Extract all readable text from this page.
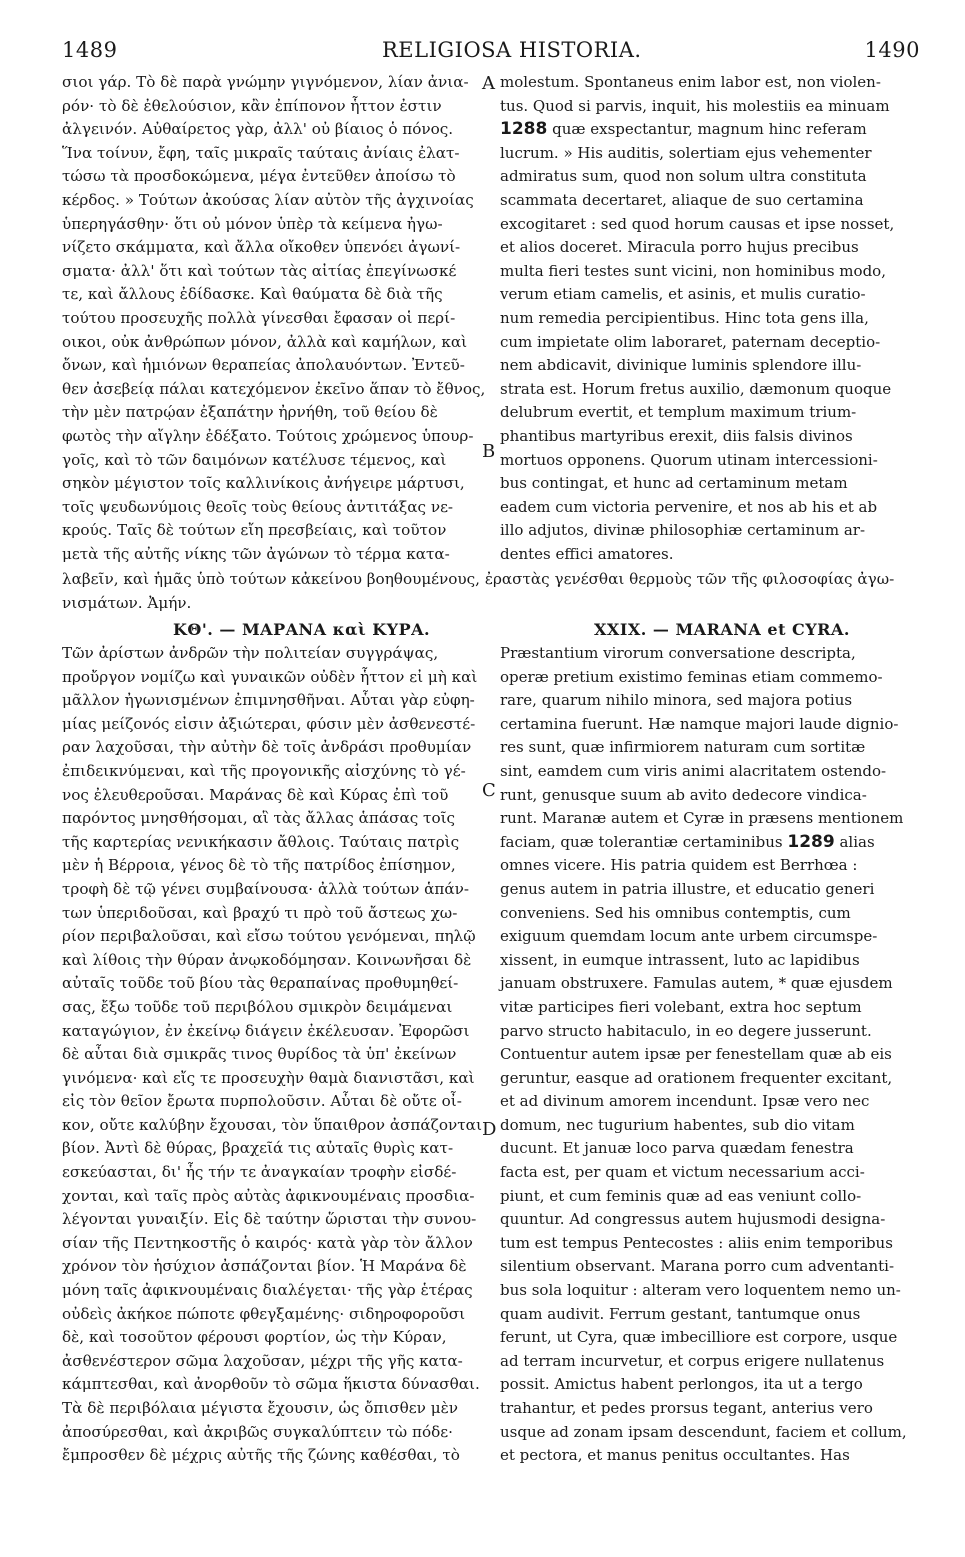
1489	RELIGIOSA HISTORIA.	1490
σιοι γάρ. Τὸ δὲ παρὰ γνώμην γιγνόμενον, λίαν ἀνια-
ρόν· τὸ δὲ ἐθελούσιον, κἂν ἐπίπονον ἧττον ἐστιν
ἀλγεινόν. Αὐθαίρετος γὰρ, ἀλλ' οὐ βίαιος ὁ πόνος.
Ἵνα τοίνυν, ἔφη, ταῖς μικραῖς ταύταις ἀνίαις ἐλατ-
τώσω τὰ προσδοκώμενα, μέγα ἐντεῦθεν ἀποίσω τὸ
κέρδος. » Τούτων ἀκούσας λίαν αὐτὸν τῆς ἀγχινοίας
ὑπερηγάσθην· ὅτι οὐ μόνον ὑπὲρ τὰ κείμενα ἠγω-
νίζετο σκάμματα, καὶ ἄλλα οἴκοθεν ὑπενόει ἀγωνί-
σματα· ἀλλ' ὅτι καὶ τούτων τὰς αἰτίας ἐπεγίνωσκέ
τε, καὶ ἄλλους ἐδίδασκε. Καὶ θαύματα δὲ διὰ τῆς
τούτου προσευχῆς πολλὰ γίνεσθαι ἔφασαν οἱ περί-
οικοι, οὐκ ἀνθρώπων μόνον, ἀλλὰ καὶ καμήλων, καὶ
ὄνων, καὶ ἡμιόνων θεραπείας ἀπολαυόντων. Ἐντεῦ-
θεν ἀσεβείᾳ πάλαι κατεχόμενον ἐκεῖνο ἅπαν τὸ ἔθνος,
τὴν μὲν πατρῴαν ἐξαπάτην ἠρνήθη, τοῦ θείου δὲ
φωτὸς τὴν αἴγλην ἐδέξατο. Τούτοις χρώμενος ὑπουρ-
γοῖς, καὶ τὸ τῶν δαιμόνων κατέλυσε τέμενος, καὶ
σηκὸν μέγιστον τοῖς καλλινίκοις ἀνήγειρε μάρτυσι,
τοῖς ψευδωνύμοις θεοῖς τοὺς θείους ἀντιτάξας νε-
κρούς. Ταῖς δὲ τούτων εἴη πρεσβείαις, καὶ τοῦτον
μετὰ τῆς αὐτῆς νίκης τῶν ἀγώνων τὸ τέρμα κατα-
molestum. Spontaneus enim labor est, non violen-
tus. Quod si parvis, inquit, his molestiis ea minuam
1288 quæ exspectantur, magnum hinc referam
lucrum. » His auditis, solertiam ejus vehementer
admiratus sum, quod non solum ultra constituta
scammata decertaret, aliaque de suo certamina
excogitaret : sed quod horum causas et ipse nosset,
et alios doceret. Miracula porro hujus precibus
multa fieri testes sunt vicini, non hominibus modo,
verum etiam camelis, et asinis, et mulis curatio-
num remedia percipientibus. Hinc tota gens illa,
cum impietate olim laboraret, paternam deceptio-
nem abdicavit, divinique luminis splendore illu-
strata est. Horum fretus auxilio, dæmonum quoque
delubrum evertit, et templum maximum trium-
phantibus martyribus erexit, diis falsis divinos
mortuos opponens. Quorum utinam intercessioni-
bus contingat, et hunc ad certaminum metam
eadem cum victoria pervenire, et nos ab his et ab
illo adjutos, divinæ philosophiæ certaminum ar-
dentes effici amatores.
λαβεῖν, καὶ ἡμᾶς ὑπὸ τούτων κἀκείνου βοηθουμένους, ἐραστὰς γενέσθαι θερμοὺς τῶν τῆς φιλοσοφίας ἀγω-
νισμάτων. Ἀμήν.
ΚΘ'. — ΜΑΡΑΝΑ καὶ ΚΥΡΑ.	XXIX. — MARANA et CYRA.
Τῶν ἀρίστων ἀνδρῶν τὴν πολιτείαν συγγράψας,
προὔργον νομίζω καὶ γυναικῶν οὐδὲν ἧττον εἰ μὴ καὶ
μᾶλλον ἠγωνισμένων ἐπιμνησθῆναι. Αὗται γὰρ εὐφη-
μίας μείζονός εἰσιν ἀξιώτεραι, φύσιν μὲν ἀσθενεστέ-
ραν λαχοῦσαι, τὴν αὐτὴν δὲ τοῖς ἀνδράσι προθυμίαν
ἐπιδεικνύμεναι, καὶ τῆς προγονικῆς αἰσχύνης τὸ γέ-
νος ἐλευθεροῦσαι. Μαράνας δὲ καὶ Κύρας ἐπὶ τοῦ
παρόντος μνησθήσομαι, αἳ τὰς ἄλλας ἁπάσας τοῖς
τῆς καρτερίας νενικήκασιν ἄθλοις. Ταύταις πατρὶς
μὲν ἡ Βέρροια, γένος δὲ τὸ τῆς πατρίδος ἐπίσημον,
τροφὴ δὲ τῷ γένει συμβαίνουσα· ἀλλὰ τούτων ἁπάν-
των ὑπεριδοῦσαι, καὶ βραχύ τι πρὸ τοῦ ἄστεως χω-
ρίον περιβαλοῦσαι, καὶ εἴσω τούτου γενόμεναι, πηλῷ
καὶ λίθοις τὴν θύραν ἀνῳκοδόμησαν. Κοινωνῆσαι δὲ
αὐταῖς τοῦδε τοῦ βίου τὰς θεραπαίνας προθυμηθεί-
σας, ἔξω τοῦδε τοῦ περιβόλου σμικρὸν δειμάμεναι
καταγώγιον, ἐν ἐκείνῳ διάγειν ἐκέλευσαν. Ἐφορῶσι
δὲ αὗται διὰ σμικρᾶς τινος θυρίδος τὰ ὑπ' ἐκείνων
γινόμενα· καὶ εἴς τε προσευχὴν θαμὰ διανιστᾶσι, καὶ
εἰς τὸν θεῖον ἔρωτα πυρπολοῦσιν. Αὗται δὲ οὔτε οἶ-
κον, οὔτε καλύβην ἔχουσαι, τὸν ὕπαιθρον ἀσπάζονται
βίον. Ἀντὶ δὲ θύρας, βραχεῖά τις αὐταῖς θυρὶς κατ-
εσκεύασται, δι' ἧς τήν τε ἀναγκαίαν τροφὴν εἰσδέ-
χονται, καὶ ταῖς πρὸς αὐτὰς ἀφικνουμέναις προσδια-
λέγονται γυναιξίν. Εἰς δὲ ταύτην ὥρισται τὴν συνου-
σίαν τῆς Πεντηκοστῆς ὁ καιρός· κατὰ γὰρ τὸν ἄλλον
χρόνον τὸν ἡσύχιον ἀσπάζονται βίον. Ἡ Μαράνα δὲ
μόνη ταῖς ἀφικνουμέναις διαλέγεται· τῆς γὰρ ἑτέρας
οὐδεὶς ἀκήκοε πώποτε φθεγξαμένης· σιδηροφοροῦσι
δὲ, καὶ τοσοῦτον φέρουσι φορτίον, ὡς τὴν Κύραν,
ἀσθενέστερον σῶμα λαχοῦσαν, μέχρι τῆς γῆς κατα-
κάμπτεσθαι, καὶ ἀνορθοῦν τὸ σῶμα ἥκιστα δύνασθαι.
Τὰ δὲ περιβόλαια μέγιστα ἔχουσιν, ὡς ὄπισθεν μὲν
ἀποσύρεσθαι, καὶ ἀκριβῶς συγκαλύπτειν τὼ πόδε·
ἔμπροσθεν δὲ μέχρις αὐτῆς τῆς ζώνης καθέσθαι, τὸ
Præstantium virorum conversatione descripta,
operæ pretium existimo feminas etiam commemo-
rare, quarum nihilo minora, sed majora potius
certamina fuerunt. Hæ namque majori laude dignio-
res sunt, quæ infirmiorem naturam cum sortitæ
sint, eamdem cum viris animi alacritatem ostendo-
runt, genusque suum ab avito dedecore vindica-
runt. Maranæ autem et Cyræ in præsens mentionem
faciam, quæ tolerantiæ certaminibus 1289 alias
omnes vicere. His patria quidem est Berrhœa :
genus autem in patria illustre, et educatio generi
conveniens. Sed his omnibus contemptis, cum
exiguum quemdam locum ante urbem circumspe-
xissent, in eumque intrassent, luto ac lapidibus
januam obstruxere. Famulas autem, * quæ ejusdem
vitæ participes fieri volebant, extra hoc septum
parvo structo habitaculo, in eo degere jusserunt.
Contuentur autem ipsæ per fenestellam quæ ab eis
geruntur, easque ad orationem frequenter excitant,
et ad divinum amorem incendunt. Ipsæ vero nec
domum, nec tugurium habentes, sub dio vitam
ducunt. Et januæ loco parva quædam fenestra
facta est, per quam et victum necessarium acci-
piunt, et cum feminis quæ ad eas veniunt collo-
quuntur. Ad congressus autem hujusmodi designa-
tum est tempus Pentecostes : aliis enim temporibus
silentium observant. Marana porro cum adventanti-
bus sola loquitur : alteram vero loquentem nemo un-
quam audivit. Ferrum gestant, tantumque onus
ferunt, ut Cyra, quæ imbecilliore est corpore, usque
ad terram incurvetur, et corpus erigere nullatenus
possit. Amictus habent perlongos, ita ut a tergo
trahantur, et pedes prorsus tegant, anterius vero
usque ad zonam ipsam descendunt, faciem et collum,
et pectora, et manus penitus occultantes. Has
A
B
C
D
